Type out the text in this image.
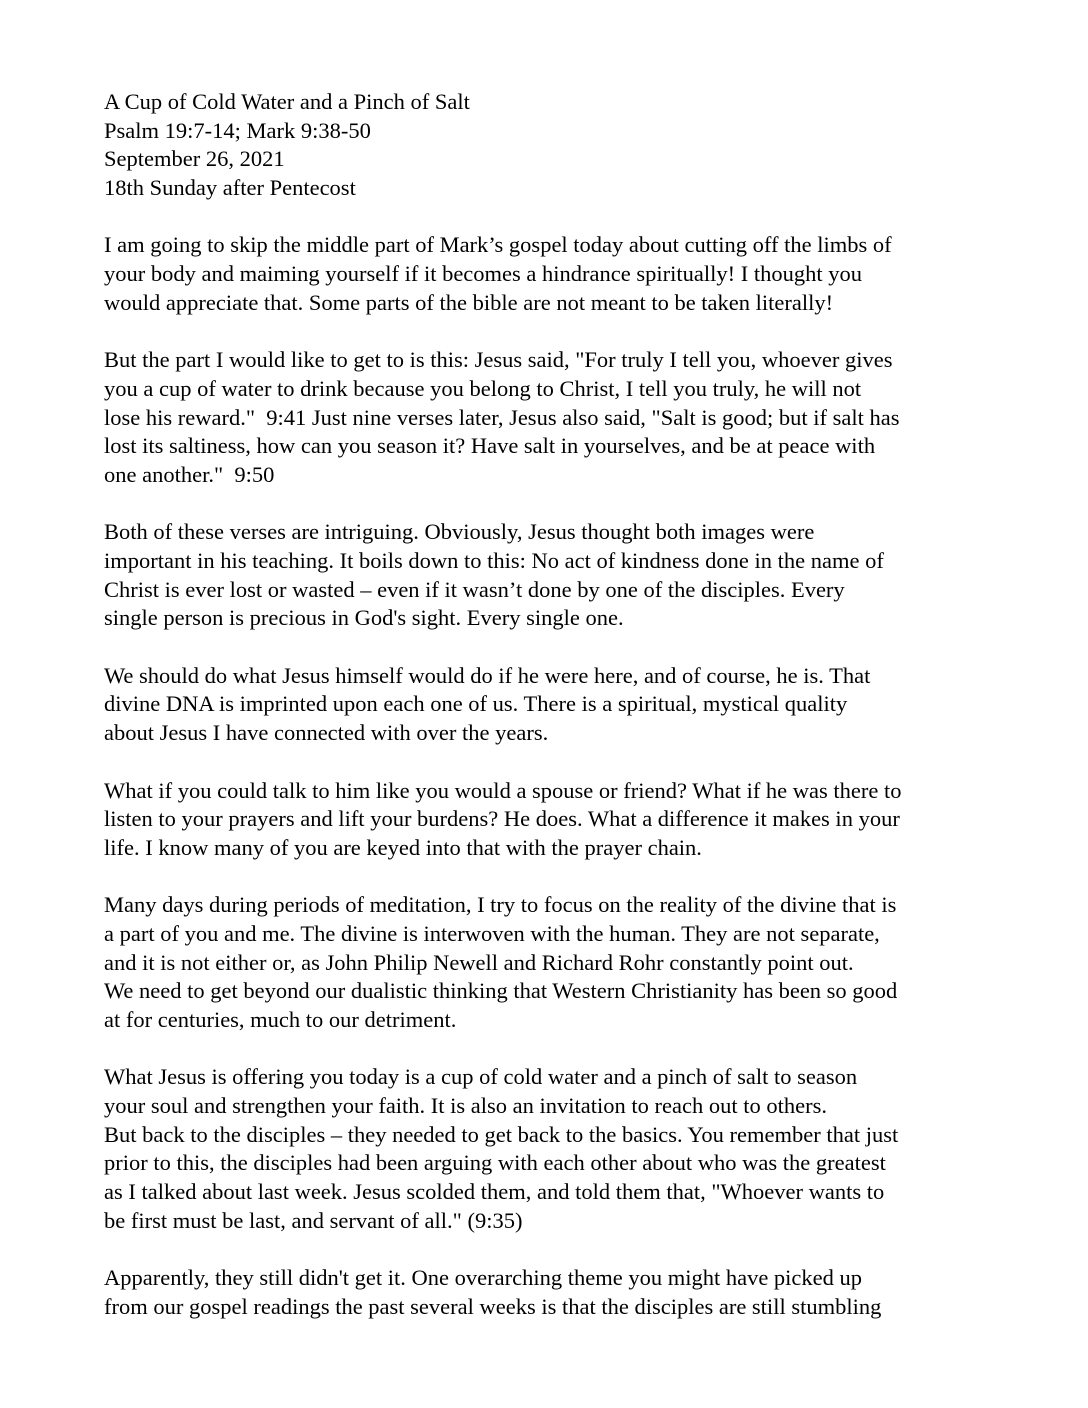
A Cup of Cold Water and a Pinch of Salt
Psalm 19:7-14; Mark 9:38-50
September 26, 2021
18th Sunday after Pentecost
I am going to skip the middle part of Mark’s gospel today about cutting off the limbs of
your body and maiming yourself if it becomes a hindrance spiritually! I thought you
would appreciate that. Some parts of the bible are not meant to be taken literally!
But the part I would like to get to is this: Jesus said, "For truly I tell you, whoever gives
you a cup of water to drink because you belong to Christ, I tell you truly, he will not
lose his reward."  9:41 Just nine verses later, Jesus also said, "Salt is good; but if salt has
lost its saltiness, how can you season it? Have salt in yourselves, and be at peace with
one another."  9:50
Both of these verses are intriguing. Obviously, Jesus thought both images were
important in his teaching. It boils down to this: No act of kindness done in the name of
Christ is ever lost or wasted – even if it wasn’t done by one of the disciples. Every
single person is precious in God's sight. Every single one.
We should do what Jesus himself would do if he were here, and of course, he is. That
divine DNA is imprinted upon each one of us. There is a spiritual, mystical quality
about Jesus I have connected with over the years.
What if you could talk to him like you would a spouse or friend? What if he was there to
listen to your prayers and lift your burdens? He does. What a difference it makes in your
life. I know many of you are keyed into that with the prayer chain.
Many days during periods of meditation, I try to focus on the reality of the divine that is
a part of you and me. The divine is interwoven with the human. They are not separate,
and it is not either or, as John Philip Newell and Richard Rohr constantly point out.
We need to get beyond our dualistic thinking that Western Christianity has been so good
at for centuries, much to our detriment.
What Jesus is offering you today is a cup of cold water and a pinch of salt to season
your soul and strengthen your faith. It is also an invitation to reach out to others.
But back to the disciples – they needed to get back to the basics. You remember that just
prior to this, the disciples had been arguing with each other about who was the greatest
as I talked about last week. Jesus scolded them, and told them that, "Whoever wants to
be first must be last, and servant of all." (9:35)
Apparently, they still didn't get it. One overarching theme you might have picked up
from our gospel readings the past several weeks is that the disciples are still stumbling
